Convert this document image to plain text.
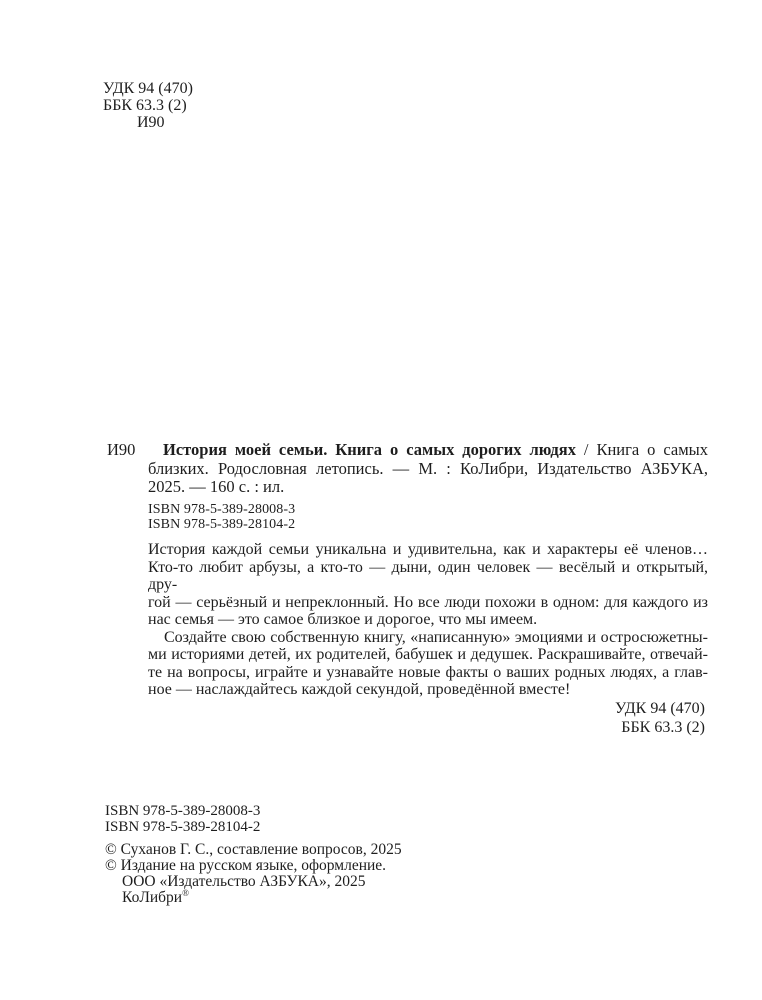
УДК 94 (470)
ББК 63.3 (2)
И90
И90	История моей семьи. Книга о самых дорогих людях / Книга о самых
близких. Родословная летопись. — М. : КоЛибри, Издательство АЗБУКА,
2025. — 160 с. : ил.
ISBN 978-5-389-28008-3
ISBN 978-5-389-28104-2
История каждой семьи уникальна и удивительна, как и характеры её членов…
Кто-то любит арбузы, а кто-то — дыни, один человек — весёлый и открытый, дру-
гой — серьёзный и непреклонный. Но все люди похожи в одном: для каждого из
нас семья — это самое близкое и дорогое, что мы имеем.
Создайте свою собственную книгу, «написанную» эмоциями и остросюжетны-
ми историями детей, их родителей, бабушек и дедушек. Раскрашивайте, отвечай-
те на вопросы, играйте и узнавайте новые факты о ваших родных людях, а глав-
ное — наслаждайтесь каждой секундой, проведённой вместе!
УДК 94 (470)
ББК 63.3 (2)
ISBN 978-5-389-28008-3
ISBN 978-5-389-28104-2
© Суханов Г. С., составление вопросов, 2025
© Издание на русском языке, оформление.
ООО «Издательство АЗБУКА», 2025
КоЛибри®
